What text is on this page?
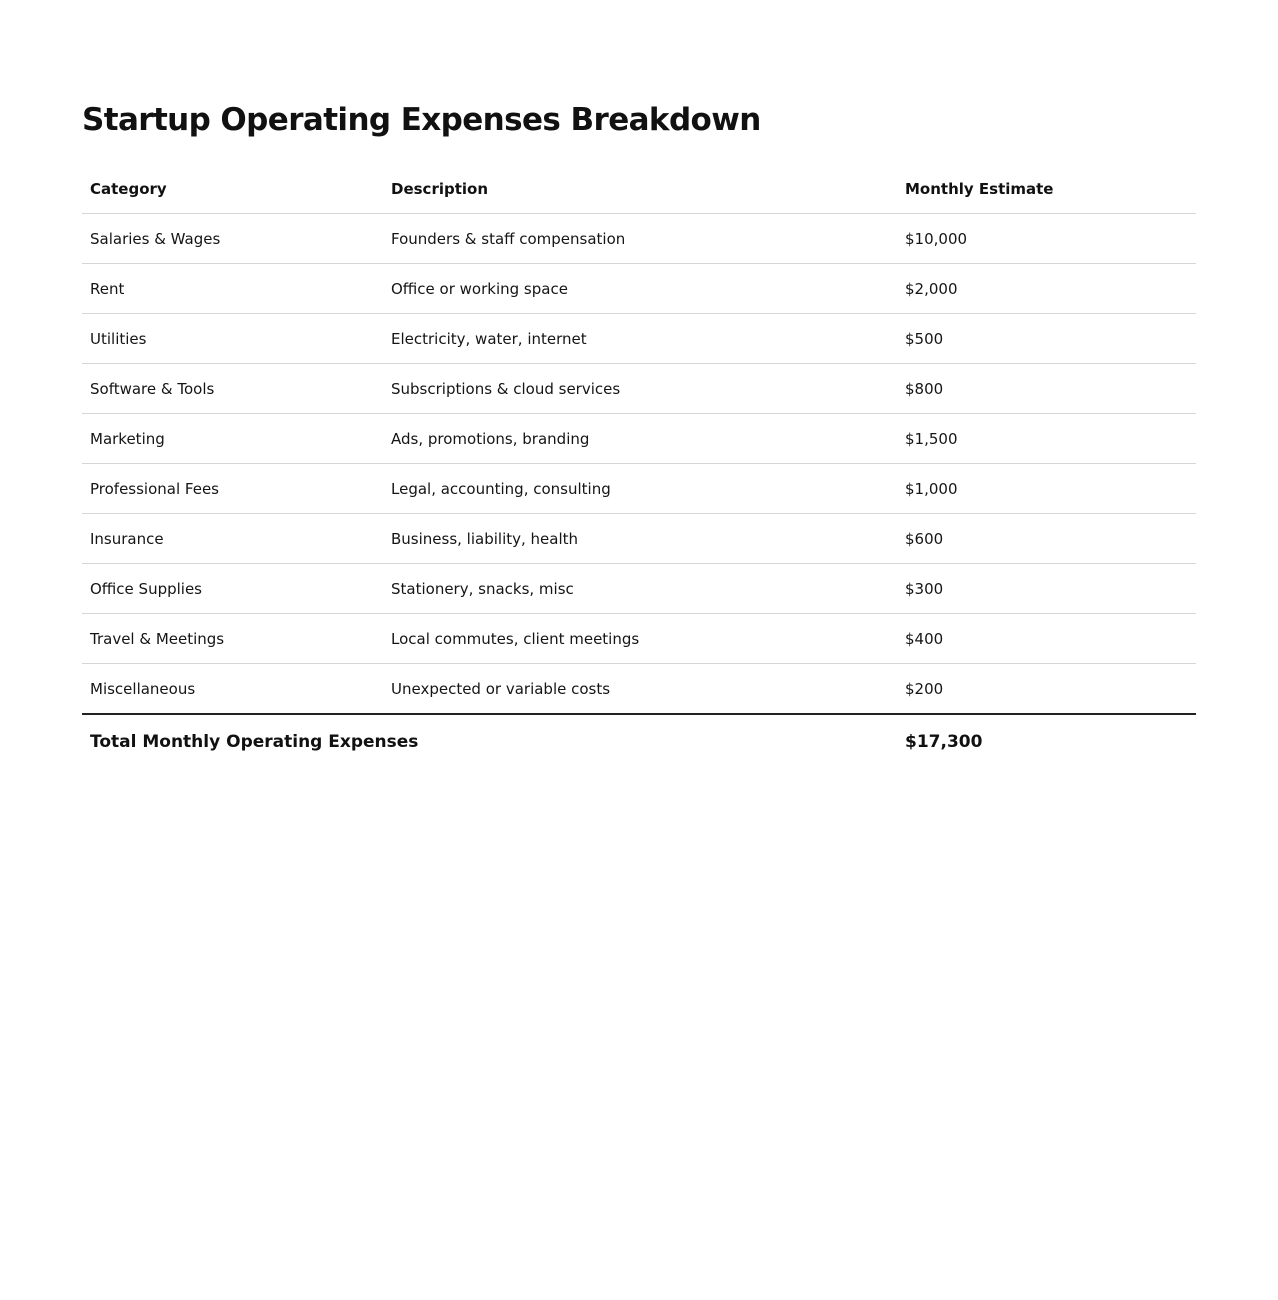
Startup Operating Expenses Breakdown
Category	Description	Monthly Estimate
Salaries & Wages	Founders & staff compensation	$10,000
Rent	Office or working space	$2,000
Utilities	Electricity, water, internet	$500
Software & Tools	Subscriptions & cloud services	$800
Marketing	Ads, promotions, branding	$1,500
Professional Fees	Legal, accounting, consulting	$1,000
Insurance	Business, liability, health	$600
Office Supplies	Stationery, snacks, misc	$300
Travel & Meetings	Local commutes, client meetings	$400
Miscellaneous	Unexpected or variable costs	$200
Total Monthly Operating Expenses		$17,300
